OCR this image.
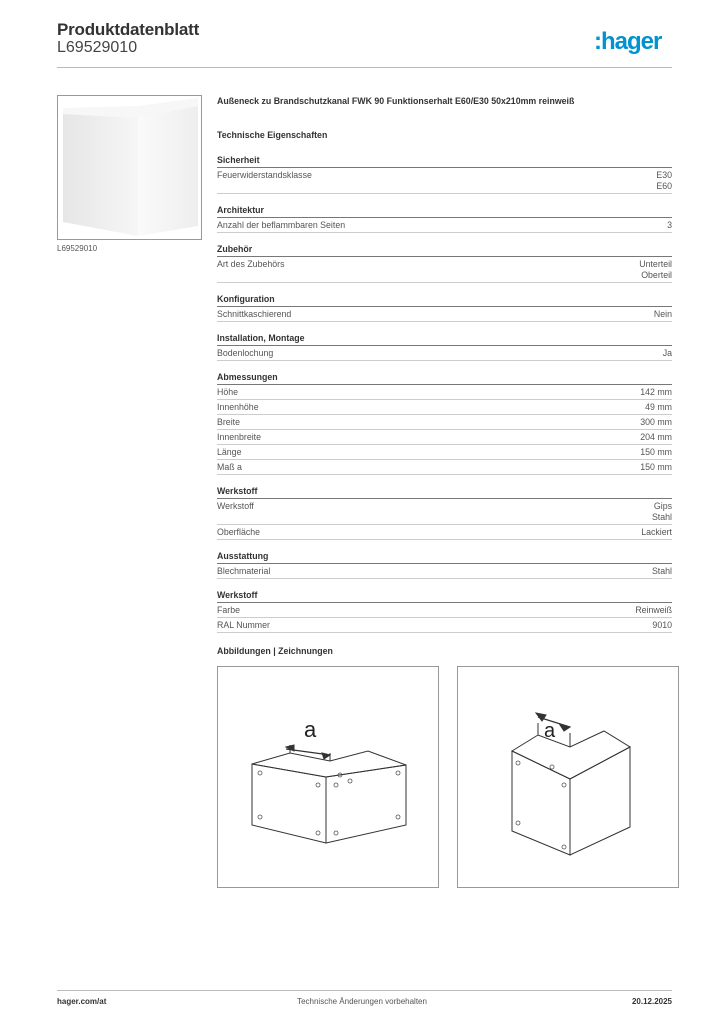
Produktdatenblatt
L69529010	:hager
L69529010
Außeneck zu Brandschutzkanal FWK 90 Funktionserhalt E60/E30 50x210mm reinweiß
Technische Eigenschaften
Sicherheit
Feuerwiderstandsklasse	E30
E60
Architektur
Anzahl der beflammbaren Seiten	3
Zubehör
Art des Zubehörs	Unterteil
Oberteil
Konfiguration
Schnittkaschierend	Nein
Installation, Montage
Bodenlochung	Ja
Abmessungen
Höhe	142 mm
Innenhöhe	49 mm
Breite	300 mm
Innenbreite	204 mm
Länge	150 mm
Maß a	150 mm
Werkstoff
Werkstoff	Gips
Stahl
Oberfläche	Lackiert
Ausstattung
Blechmaterial	Stahl
Werkstoff
Farbe	Reinweiß
RAL Nummer	9010
Abbildungen | Zeichnungen
a	a
hager.com/at	Technische Änderungen vorbehalten	20.12.2025
